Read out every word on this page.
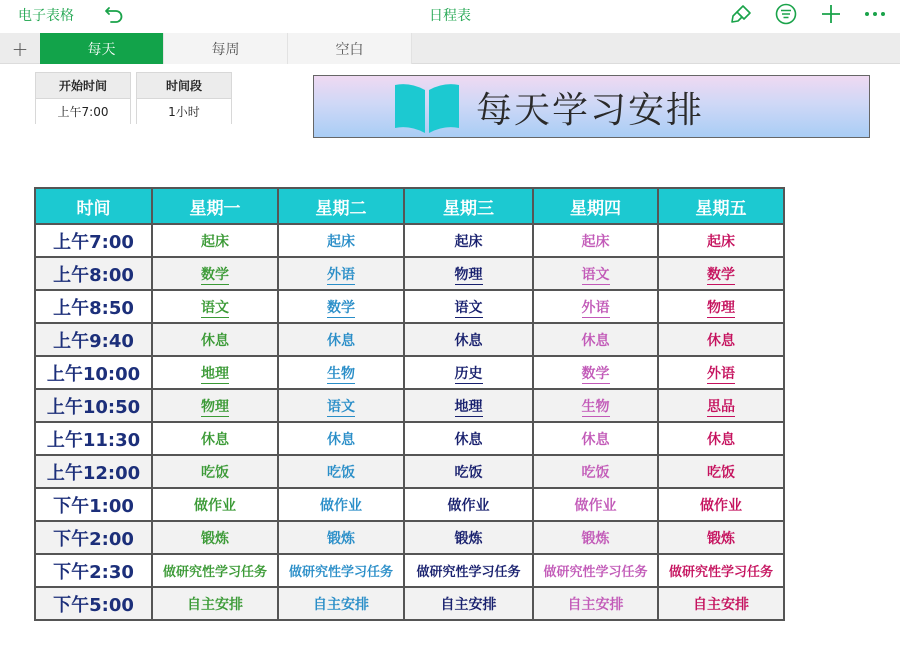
电子表格	日程表
+	每天	每周	空白
开始时间
上午7:00
时间段
1小时	每天学习安排
时间	星期一	星期二	星期三	星期四	星期五
上午7:00	起床	起床	起床	起床	起床
上午8:00	数学	外语	物理	语文	数学
上午8:50	语文	数学	语文	外语	物理
上午9:40	休息	休息	休息	休息	休息
上午10:00	地理	生物	历史	数学	外语
上午10:50	物理	语文	地理	生物	思品
上午11:30	休息	休息	休息	休息	休息
上午12:00	吃饭	吃饭	吃饭	吃饭	吃饭
下午1:00	做作业	做作业	做作业	做作业	做作业
下午2:00	锻炼	锻炼	锻炼	锻炼	锻炼
下午2:30	做研究性学习任务	做研究性学习任务	做研究性学习任务	做研究性学习任务	做研究性学习任务
下午5:00	自主安排	自主安排	自主安排	自主安排	自主安排
